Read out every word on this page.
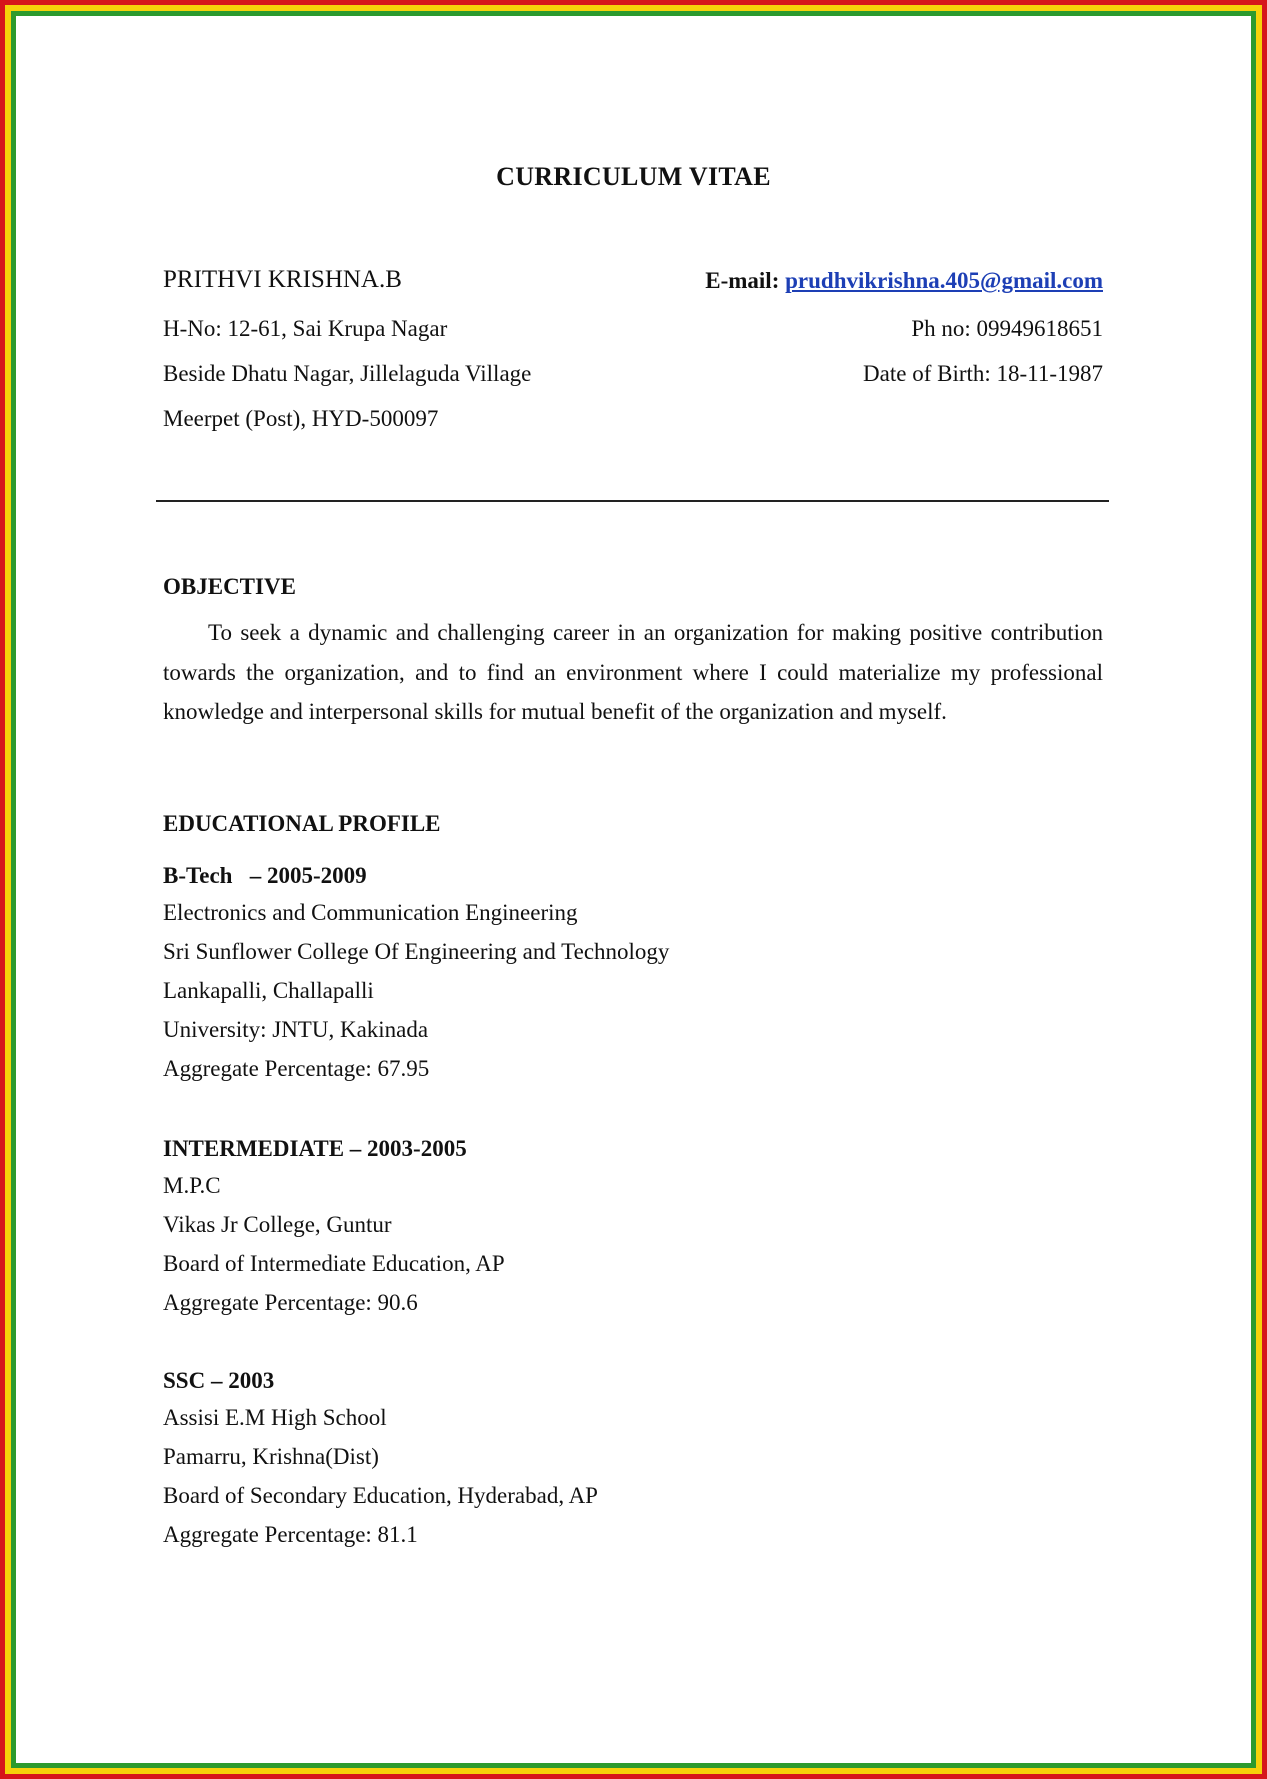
CURRICULUM VITAE
PRITHVI KRISHNA.B
H-No: 12-61, Sai Krupa Nagar
Beside Dhatu Nagar, Jillelaguda Village
Meerpet (Post), HYD-500097
E-mail: prudhvikrishna.405@gmail.com
Ph no: 09949618651
Date of Birth: 18-11-1987
OBJECTIVE
To seek a dynamic and challenging career in an organization for making positive contribution towards the organization, and to find an environment where I could materialize my professional knowledge and interpersonal skills for mutual benefit of the organization and myself.
EDUCATIONAL PROFILE
B-Tech   – 2005-2009
Electronics and Communication Engineering
Sri Sunflower College Of Engineering and Technology
Lankapalli, Challapalli
University: JNTU, Kakinada
Aggregate Percentage: 67.95
INTERMEDIATE – 2003-2005
M.P.C
Vikas Jr College, Guntur
Board of Intermediate Education, AP
Aggregate Percentage: 90.6
SSC – 2003
Assisi E.M High School
Pamarru, Krishna(Dist)
Board of Secondary Education, Hyderabad, AP
Aggregate Percentage: 81.1
